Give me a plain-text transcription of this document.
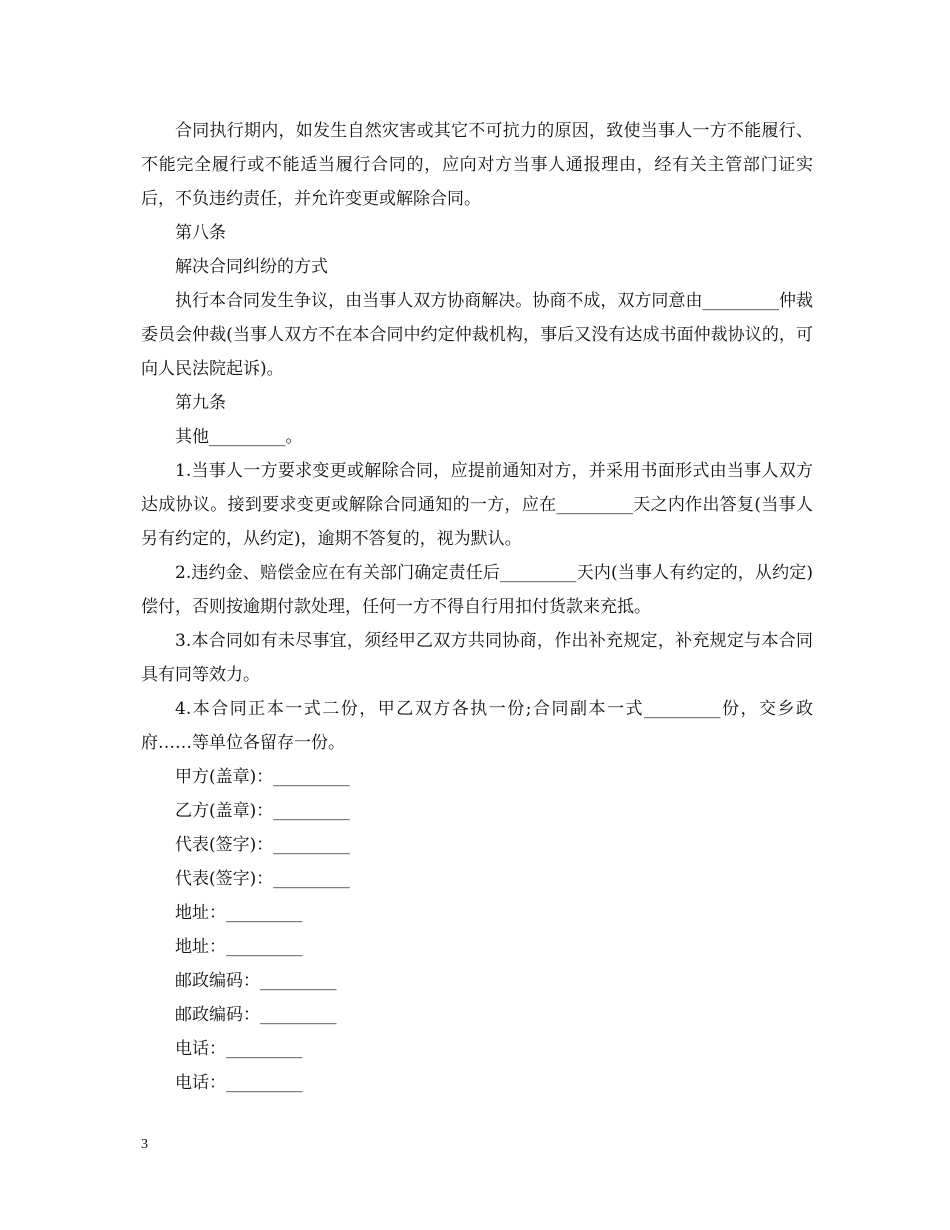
合同执行期内，如发生自然灾害或其它不可抗力的原因，致使当事人一方不能履行、不能完全履行或不能适当履行合同的，应向对方当事人通报理由，经有关主管部门证实后，不负违约责任，并允许变更或解除合同。

第八条

解决合同纠纷的方式

执行本合同发生争议，由当事人双方协商解决。协商不成，双方同意由_________仲裁委员会仲裁(当事人双方不在本合同中约定仲裁机构，事后又没有达成书面仲裁协议的，可向人民法院起诉)。

第九条

其他_________。

1.当事人一方要求变更或解除合同，应提前通知对方，并采用书面形式由当事人双方达成协议。接到要求变更或解除合同通知的一方，应在_________天之内作出答复(当事人另有约定的，从约定)，逾期不答复的，视为默认。

2.违约金、赔偿金应在有关部门确定责任后_________天内(当事人有约定的，从约定)偿付，否则按逾期付款处理，任何一方不得自行用扣付货款来充抵。

3.本合同如有未尽事宜，须经甲乙双方共同协商，作出补充规定，补充规定与本合同具有同等效力。

4.本合同正本一式二份，甲乙双方各执一份;合同副本一式_________份，交乡政府……等单位各留存一份。

甲方(盖章)：_________

乙方(盖章)：_________

代表(签字)：_________

代表(签字)：_________

地址：_________

地址：_________

邮政编码：_________

邮政编码：_________

电话：_________

电话：_________

3
